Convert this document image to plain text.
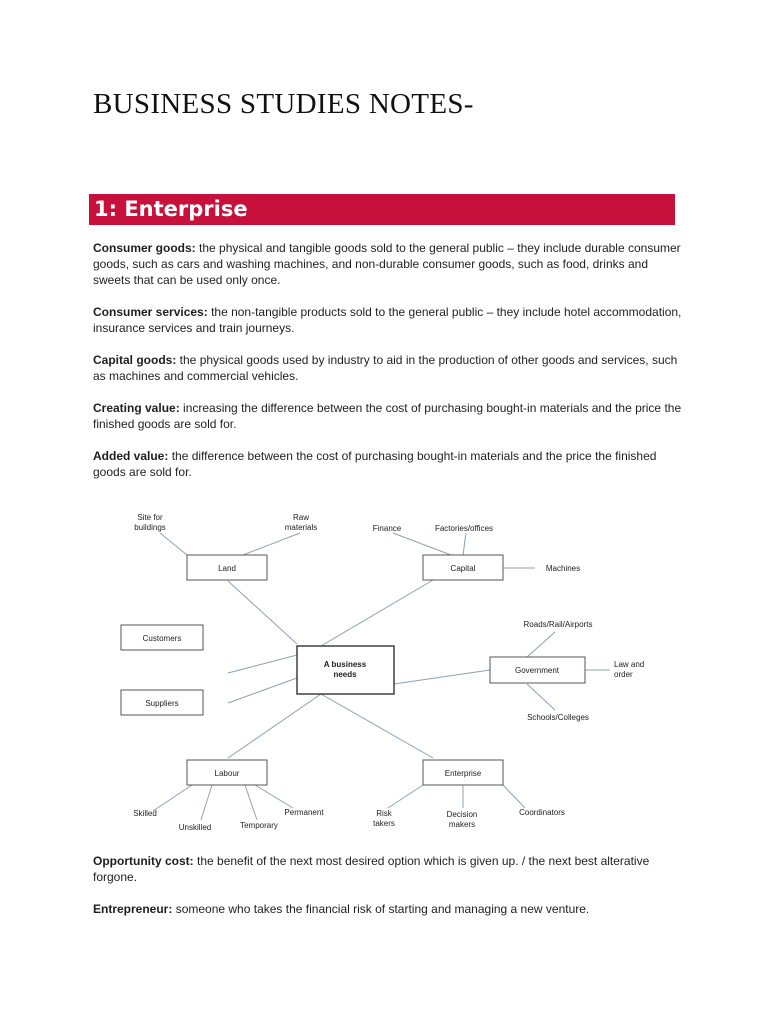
BUSINESS STUDIES NOTES-
1: Enterprise

Consumer goods: the physical and tangible goods sold to the general public – they include durable consumer goods, such as cars and washing machines, and non-durable consumer goods, such as food, drinks and sweets that can be used only once.

Consumer services: the non-tangible products sold to the general public – they include hotel accommodation, insurance services and train journeys.

Capital goods: the physical goods used by industry to aid in the production of other goods and services, such as machines and commercial vehicles.

Creating value: increasing the difference between the cost of purchasing bought-in materials and the price the finished goods are sold for.

Added value: the difference between the cost of purchasing bought-in materials and the price the finished goods are sold for.

A business
needs
Land	Capital
Customers
Suppliers
Government
Labour	Enterprise
Site for
buildings
Raw
materials	Finance	Factories/offices
Machines
Roads/Rail/Airports
Law and
order
Schools/Colleges
Skilled
Unskilled	Temporary
Permanent	Risk
takers
Decision
makers
Coordinators

Opportunity cost: the benefit of the next most desired option which is given up. / the next best alterative forgone.

Entrepreneur: someone who takes the financial risk of starting and managing a new venture.
